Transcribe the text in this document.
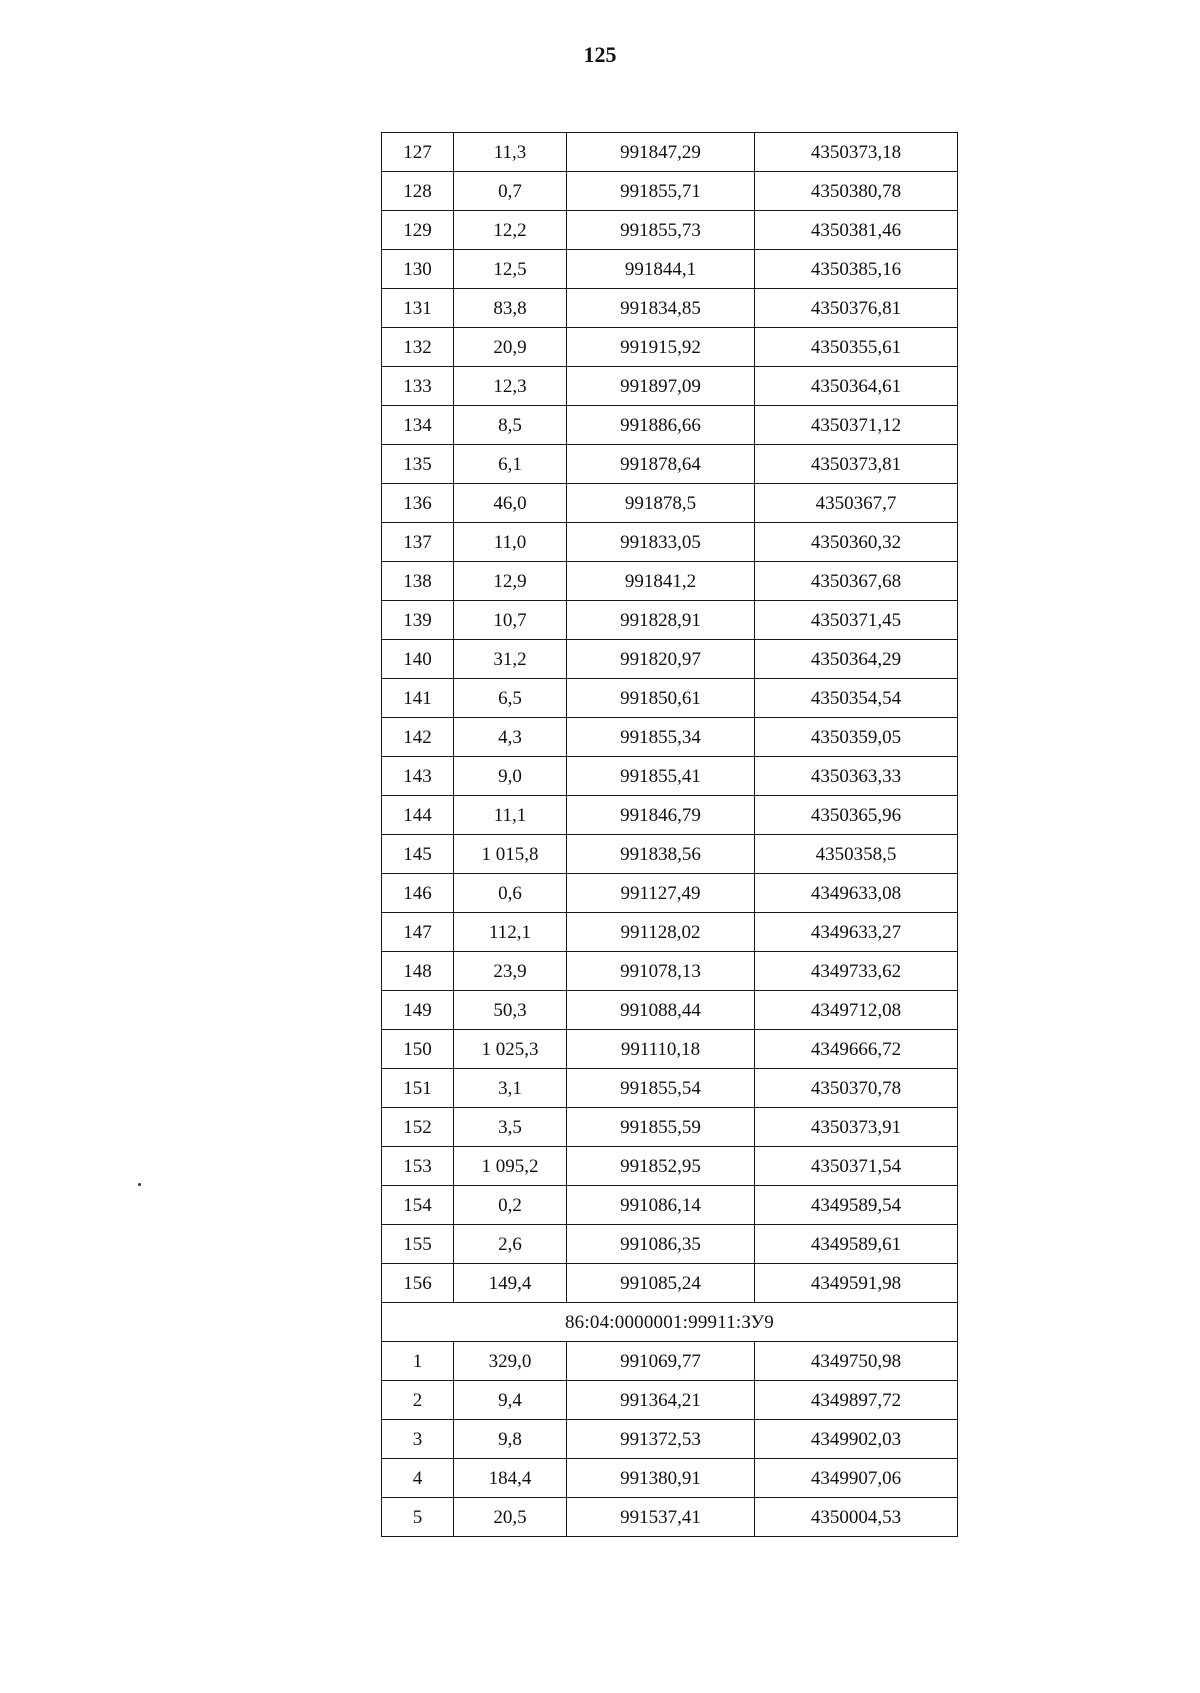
125
127	11,3	991847,29	4350373,18
128	0,7	991855,71	4350380,78
129	12,2	991855,73	4350381,46
130	12,5	991844,1	4350385,16
131	83,8	991834,85	4350376,81
132	20,9	991915,92	4350355,61
133	12,3	991897,09	4350364,61
134	8,5	991886,66	4350371,12
135	6,1	991878,64	4350373,81
136	46,0	991878,5	4350367,7
137	11,0	991833,05	4350360,32
138	12,9	991841,2	4350367,68
139	10,7	991828,91	4350371,45
140	31,2	991820,97	4350364,29
141	6,5	991850,61	4350354,54
142	4,3	991855,34	4350359,05
143	9,0	991855,41	4350363,33
144	11,1	991846,79	4350365,96
145	1 015,8	991838,56	4350358,5
146	0,6	991127,49	4349633,08
147	112,1	991128,02	4349633,27
148	23,9	991078,13	4349733,62
149	50,3	991088,44	4349712,08
150	1 025,3	991110,18	4349666,72
151	3,1	991855,54	4350370,78
152	3,5	991855,59	4350373,91
153	1 095,2	991852,95	4350371,54
154	0,2	991086,14	4349589,54
155	2,6	991086,35	4349589,61
156	149,4	991085,24	4349591,98
86:04:0000001:99911:ЗУ9			
1	329,0	991069,77	4349750,98
2	9,4	991364,21	4349897,72
3	9,8	991372,53	4349902,03
4	184,4	991380,91	4349907,06
5	20,5	991537,41	4350004,53
